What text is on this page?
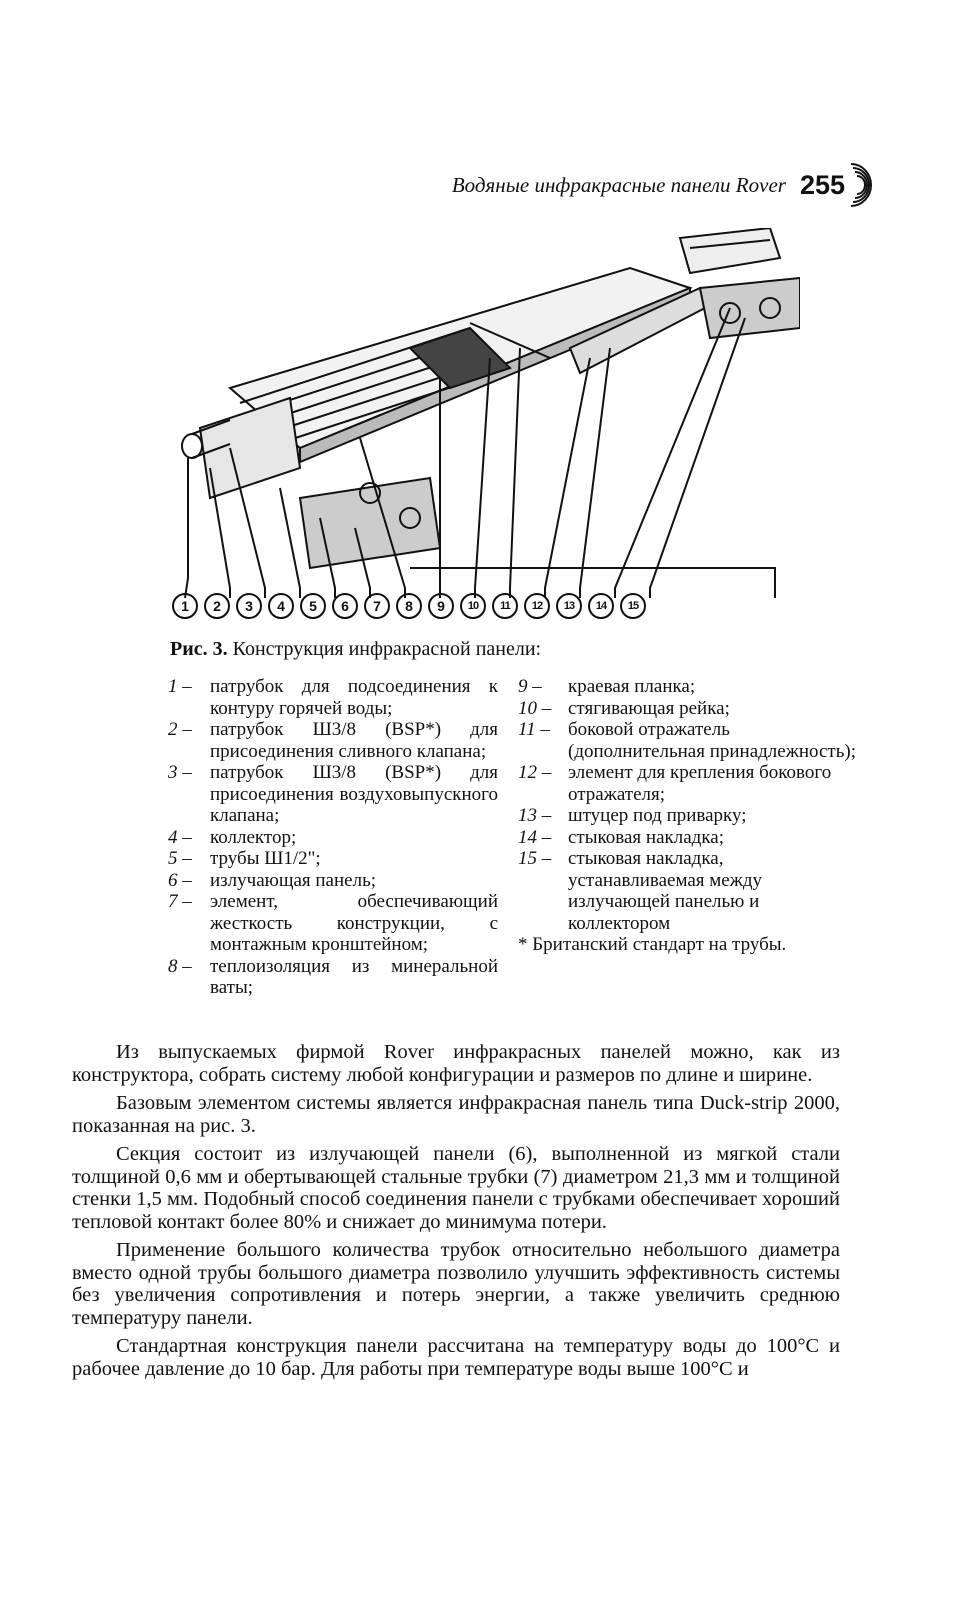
Водяные инфракрасные панели Rover 255
1	2	3	4	5	6	7	8	9	10	11	12	13	14	15
Рис. 3. Конструкция инфракрасной панели:
1 – патрубок для подсоединения к контуру горячей воды;
2 – патрубок Ш3/8 (BSP*) для присоединения сливного клапана;
3 – патрубок Ш3/8 (BSP*) для присоединения воздуховыпускного клапана;
4 – коллектор;
5 – трубы Ш1/2";
6 – излучающая панель;
7 – элемент, обеспечивающий жесткость конструкции, с монтажным кронштейном;
8 – теплоизоляция из минеральной ваты;
9 –	краевая планка;
10 – стягивающая рейка;
11 – боковой отражатель (дополнительная принадлежность);
12 – элемент для крепления бокового отражателя;
13 – штуцер под приварку;
14 – стыковая накладка;
15 – стыковая накладка, устанавливаемая между излучающей панелью и коллектором
* Британский стандарт на трубы.

Из выпускаемых фирмой Rover инфракрасных панелей можно, как из конструктора, собрать систему любой конфигурации и размеров по длине и ширине.

Базовым элементом системы является инфракрасная панель типа Duck-strip 2000, показанная на рис. 3.

Секция состоит из излучающей панели (6), выполненной из мягкой стали толщиной 0,6 мм и обертывающей стальные трубки (7) диаметром 21,3 мм и толщиной стенки 1,5 мм. Подобный способ соединения панели с трубками обеспечивает хороший тепловой контакт более 80% и снижает до минимума потери.

Применение большого количества трубок относительно небольшого диаметра вместо одной трубы большого диаметра позволило улучшить эффективность системы без увеличения сопротивления и потерь энергии, а также увеличить среднюю температуру панели.

Стандартная конструкция панели рассчитана на температуру воды до 100°C и рабочее давление до 10 бар. Для работы при температуре воды выше 100°C и
